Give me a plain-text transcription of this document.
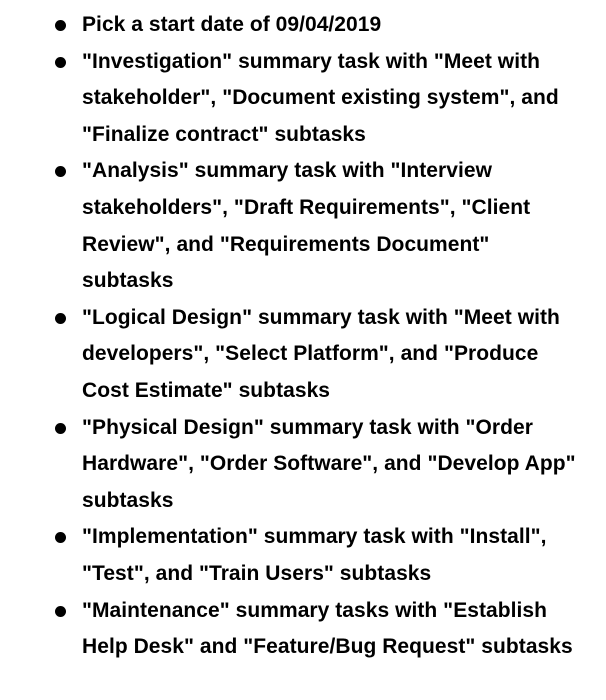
Pick a start date of 09/04/2019
"Investigation" summary task with "Meet with stakeholder", "Document existing system", and "Finalize contract" subtasks
"Analysis" summary task with "Interview stakeholders", "Draft Requirements", "Client Review", and "Requirements Document" subtasks
"Logical Design" summary task with "Meet with developers", "Select Platform", and "Produce Cost Estimate" subtasks
"Physical Design" summary task with "Order Hardware", "Order Software", and "Develop App" subtasks
"Implementation" summary task with "Install", "Test", and "Train Users" subtasks
"Maintenance" summary tasks with "Establish Help Desk" and "Feature/Bug Request" subtasks
